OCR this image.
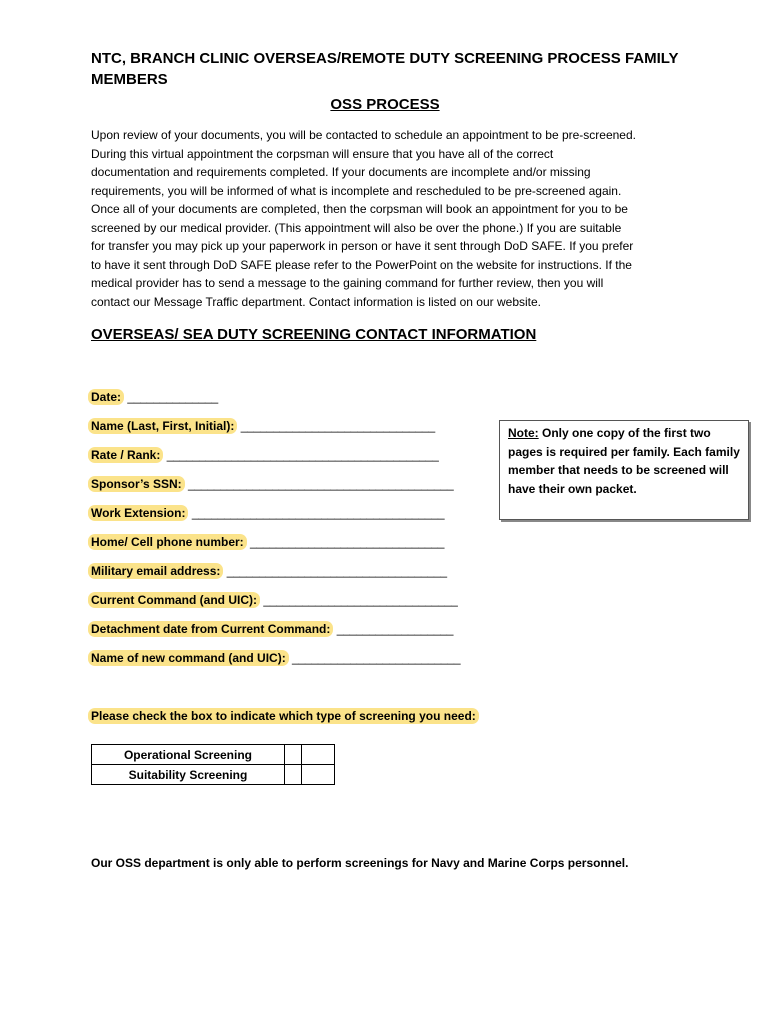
NTC, BRANCH CLINIC OVERSEAS/REMOTE DUTY SCREENING PROCESS FAMILY MEMBERS
OSS PROCESS
Upon review of your documents, you will be contacted to schedule an appointment to be pre-screened.
During this virtual appointment the corpsman will ensure that you have all of the correct
documentation and requirements completed. If your documents are incomplete and/or missing
requirements, you will be informed of what is incomplete and rescheduled to be pre-screened again.
Once all of your documents are completed, then the corpsman will book an appointment for you to be
screened by our medical provider. (This appointment will also be over the phone.) If you are suitable
for transfer you may pick up your paperwork in person or have it sent through DoD SAFE. If you prefer
to have it sent through DoD SAFE please refer to the PowerPoint on the website for instructions. If the
medical provider has to send a message to the gaining command for further review, then you will
contact our Message Traffic department. Contact information is listed on our website.
OVERSEAS/ SEA DUTY SCREENING CONTACT INFORMATION
Date: ______________
Name (Last, First, Initial): ______________________________
Rate / Rank: __________________________________________
Sponsor’s SSN: _________________________________________
Work Extension: _______________________________________
Home/ Cell phone number: ______________________________
Military email address: __________________________________
Current Command (and UIC): ______________________________
Detachment date from Current Command: __________________
Name of new command (and UIC): __________________________
Note: Only one copy of the first two pages is required per family. Each family member that needs to be screened will have their own packet.
Please check the box to indicate which type of screening you need:
Operational Screening		
Suitability Screening		
Our OSS department is only able to perform screenings for Navy and Marine Corps personnel.
